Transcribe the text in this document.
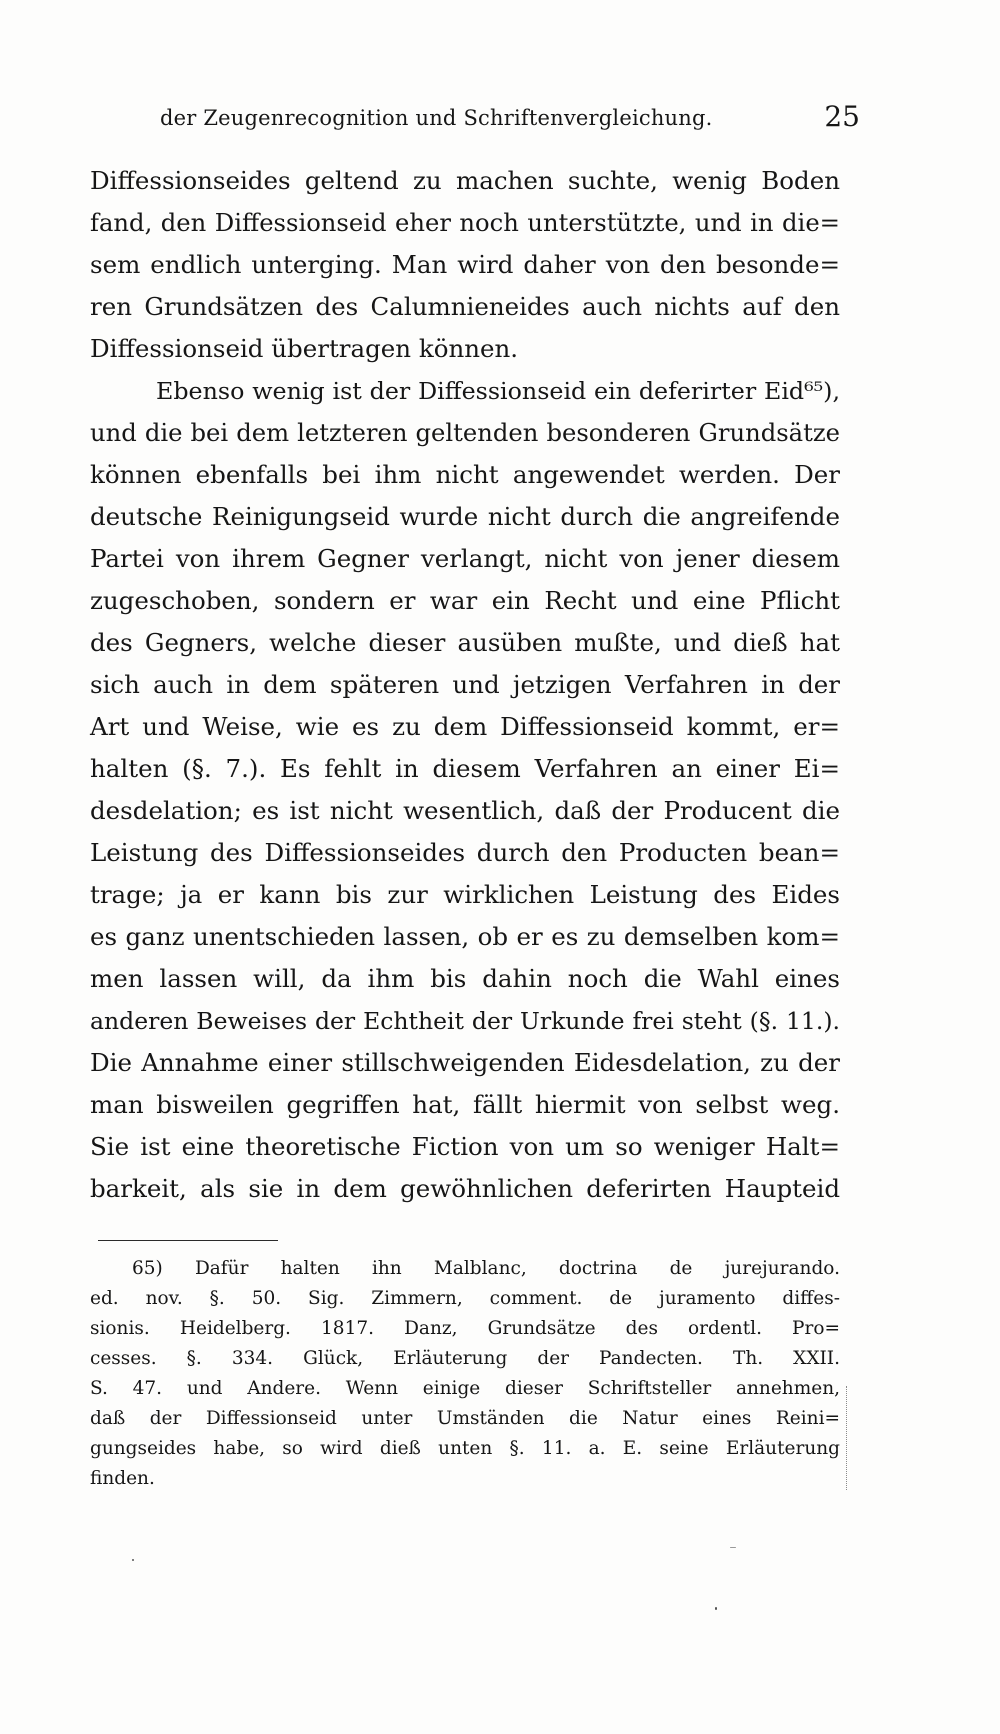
der Zeugenrecognition und Schriftenvergleichung.	25
Diffessionseides geltend zu machen suchte, wenig Boden
fand, den Diffessionseid eher noch unterstützte, und in die=
sem endlich unterging. Man wird daher von den besonde=
ren Grundsätzen des Calumnieneides auch nichts auf den
Diffessionseid übertragen können.
Ebenso wenig ist der Diffessionseid ein deferirter Eid⁶⁵),
und die bei dem letzteren geltenden besonderen Grundsätze
können ebenfalls bei ihm nicht angewendet werden. Der
deutsche Reinigungseid wurde nicht durch die angreifende
Partei von ihrem Gegner verlangt, nicht von jener diesem
zugeschoben, sondern er war ein Recht und eine Pflicht
des Gegners, welche dieser ausüben mußte, und dieß hat
sich auch in dem späteren und jetzigen Verfahren in der
Art und Weise, wie es zu dem Diffessionseid kommt, er=
halten (§. 7.). Es fehlt in diesem Verfahren an einer Ei=
desdelation; es ist nicht wesentlich, daß der Producent die
Leistung des Diffessionseides durch den Producten bean=
trage; ja er kann bis zur wirklichen Leistung des Eides
es ganz unentschieden lassen, ob er es zu demselben kom=
men lassen will, da ihm bis dahin noch die Wahl eines
anderen Beweises der Echtheit der Urkunde frei steht (§. 11.).
Die Annahme einer stillschweigenden Eidesdelation, zu der
man bisweilen gegriffen hat, fällt hiermit von selbst weg.
Sie ist eine theoretische Fiction von um so weniger Halt=
barkeit, als sie in dem gewöhnlichen deferirten Haupteid
65) Dafür halten ihn Malblanc, doctrina de jurejurando.
ed. nov. §. 50. Sig. Zimmern, comment. de juramento diffes-
sionis. Heidelberg. 1817. Danz, Grundsätze des ordentl. Pro=
cesses. §. 334. Glück, Erläuterung der Pandecten. Th. XXII.
S. 47. und Andere. Wenn einige dieser Schriftsteller annehmen,
daß der Diffessionseid unter Umständen die Natur eines Reini=
gungseides habe, so wird dieß unten §. 11. a. E. seine Erläuterung
finden.
